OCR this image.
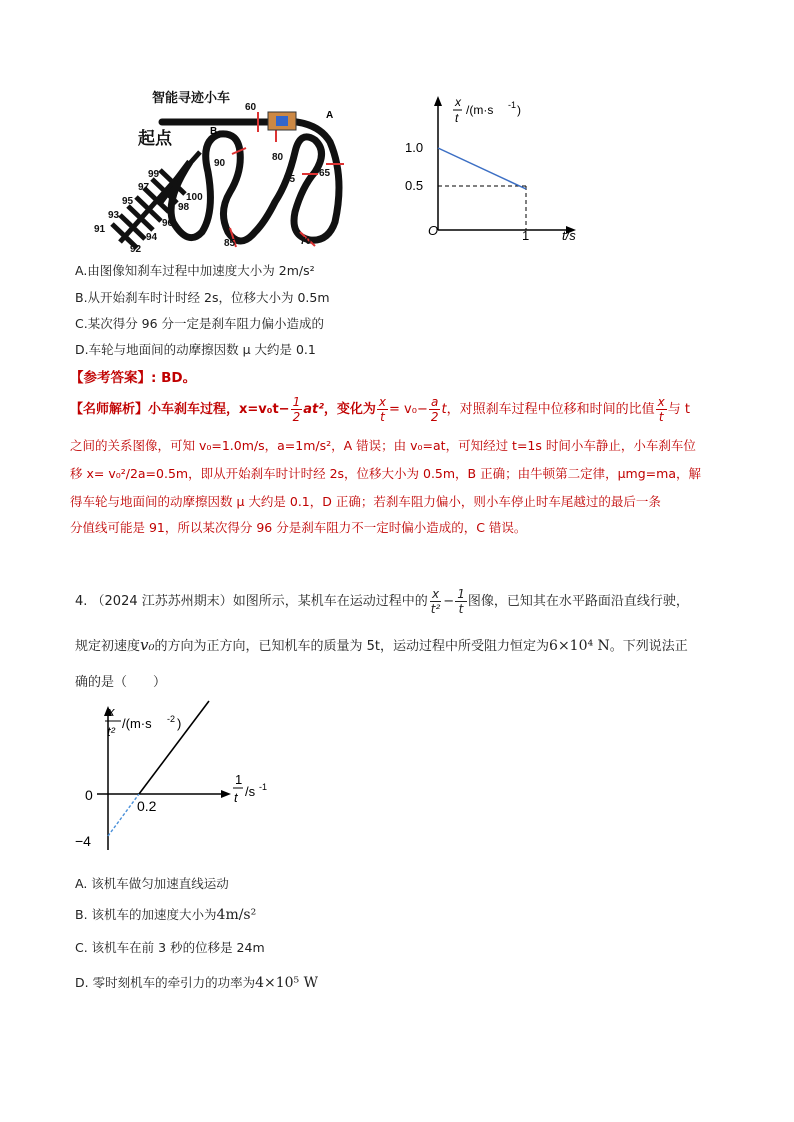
智能寻迹小车
起点
A
B
60
80
75
65
70
85
90
99
100
97
98
95
96
93
94
91
92
x
t
/(m·s -1 )
1.0
0.5
O	1	t/s
A.由图像知刹车过程中加速度大小为 2m/s²
B.从开始刹车时计时经 2s，位移大小为 0.5m
C.某次得分 96 分一定是刹车阻力偏小造成的
D.车轮与地面间的动摩擦因数 μ 大约是 0.1
【参考答案】: BD。
【名师解析】小车刹车过程， $x=v_0t- \frac{1}{2} at^2$ ，变化为 $\frac{x}{t} = v_0- \frac{a}{2}$ t ，对照刹车过程中位移和时间的比值 $\frac{x}{t}$ 与 t
之间的关系图像，可知 v₀=1.0m/s，a=1m/s²，A 错误；由 v₀=at，可知经过 t=1s 时间小车静止，小车刹车位
移 x= v₀²/2a=0.5m，即从开始刹车时计时经 2s，位移大小为 0.5m，B 正确；由牛顿第二定律，μmg=ma，解
得车轮与地面间的动摩擦因数 μ 大约是 0.1，D 正确；若刹车阻力偏小，则小车停止时车尾越过的最后一条
分值线可能是 91，所以某次得分 96 分是刹车阻力不一定时偏小造成的，C 错误。
4. （2024 江苏苏州期末）如图所示，某机车在运动过程中的 $\frac{x}{\text{t²}} - \frac{1}{t}$ 图像，已知其在水平路面沿直线行驶，
规定初速度v₀的方向为正方向，已知机车的质量为 5t，运动过程中所受阻力恒定为6×10⁴ N。下列说法正
确的是（　　）
x
t²
/(m·s -2 )
1
t /s -1
0
0.2
−4
A. 该机车做匀加速直线运动
B. 该机车的加速度大小为4m/s²
C. 该机车在前 3 秒的位移是 24m
D. 零时刻机车的牵引力的功率为4×10⁵ W
